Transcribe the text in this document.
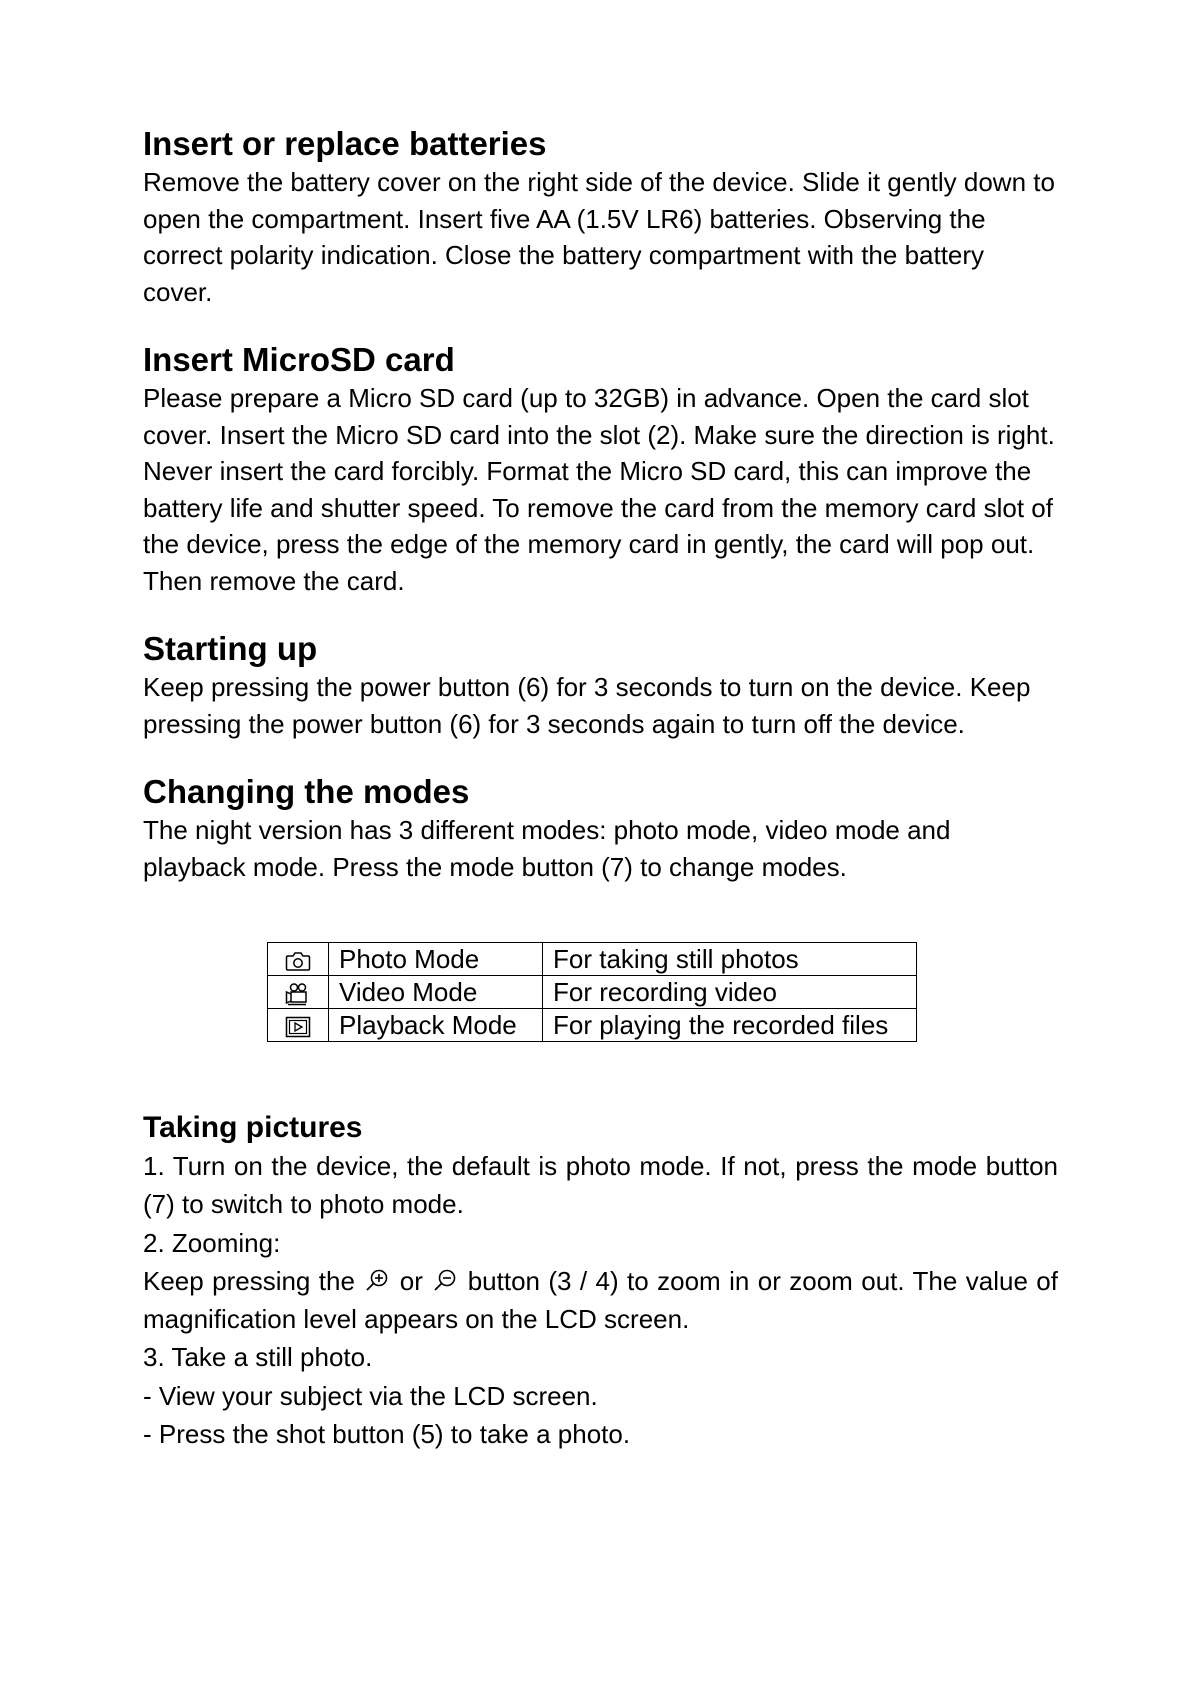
Insert or replace batteries

Remove the battery cover on the right side of the device. Slide it gently down to open the compartment. Insert five AA (1.5V LR6) batteries. Observing the correct polarity indication. Close the battery compartment with the battery cover.

Insert MicroSD card

Please prepare a Micro SD card (up to 32GB) in advance. Open the card slot cover. Insert the Micro SD card into the slot (2). Make sure the direction is right. Never insert the card forcibly. Format the Micro SD card, this can improve the battery life and shutter speed. To remove the card from the memory card slot of the device, press the edge of the memory card in gently, the card will pop out. Then remove the card.

Starting up

Keep pressing the power button (6) for 3 seconds to turn on the device. Keep pressing the power button (6) for 3 seconds again to turn off the device.

Changing the modes

The night version has 3 different modes: photo mode, video mode and playback mode. Press the mode button (7) to change modes.

	Photo Mode	For taking still photos
	Video Mode	For recording video
	Playback Mode	For playing the recorded files
Taking pictures

1. Turn on the device, the default is photo mode. If not, press the mode button (7) to switch to photo mode.

2. Zooming:

Keep pressing the or button (3 / 4) to zoom in or zoom out. The value of magnification level appears on the LCD screen.

3. Take a still photo.

- View your subject via the LCD screen.

- Press the shot button (5) to take a photo.
